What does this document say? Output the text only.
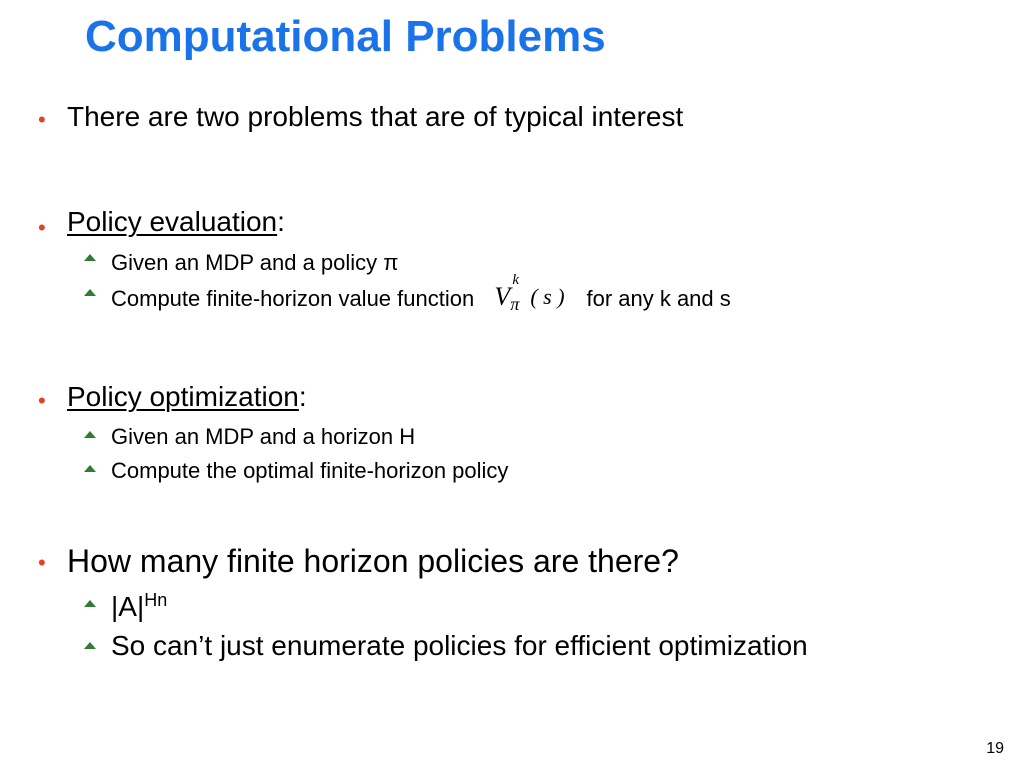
Computational Problems
• There are two problems that are of typical interest
• Policy evaluation:
Given an MDP and a policy π
Compute finite-horizon value function V
k
π ( s ) for any k and s
• Policy optimization:
Given an MDP and a horizon H
Compute the optimal finite-horizon policy
• How many finite horizon policies are there?
$|A|^{Hn}$
So can’t just enumerate policies for efficient optimization
19
